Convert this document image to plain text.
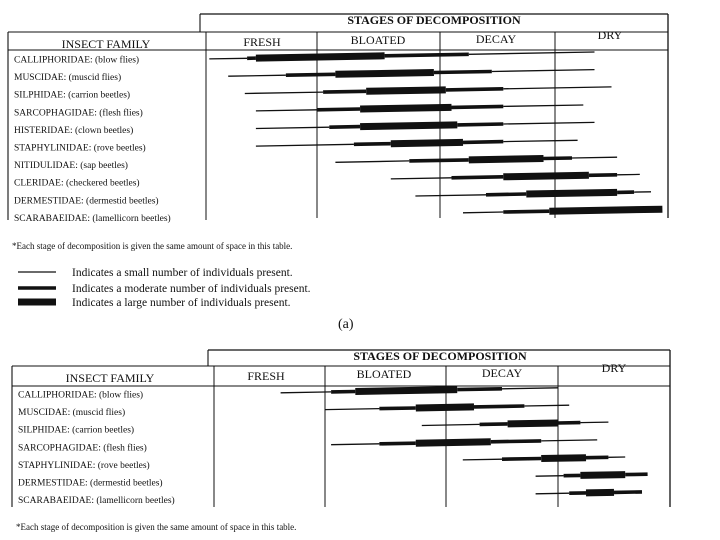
STAGES OF DECOMPOSITION
INSECT FAMILY	FRESH	BLOATED	DECAY	DRY
CALLIPHORIDAE: (blow flies)
MUSCIDAE: (muscid flies)
SILPHIDAE: (carrion beetles)
SARCOPHAGIDAE: (flesh flies)
HISTERIDAE: (clown beetles)
STAPHYLINIDAE: (rove beetles)
NITIDULIDAE: (sap beetles)
CLERIDAE: (checkered beetles)
DERMESTIDAE: (dermestid beetles)
SCARABAEIDAE: (lamellicorn beetles)
*Each stage of decomposition is given the same amount of space in this table.
Indicates a small number of individuals present.
Indicates a moderate number of individuals present.
Indicates a large number of individuals present.
(a)
STAGES OF DECOMPOSITION
INSECT FAMILY	FRESH	BLOATED	DECAY	DRY
CALLIPHORIDAE: (blow flies)
MUSCIDAE: (muscid flies)
SILPHIDAE: (carrion beetles)
SARCOPHAGIDAE: (flesh flies)
STAPHYLINIDAE: (rove beetles)
DERMESTIDAE: (dermestid beetles)
SCARABAEIDAE: (lamellicorn beetles)
*Each stage of decomposition is given the same amount of space in this table.
